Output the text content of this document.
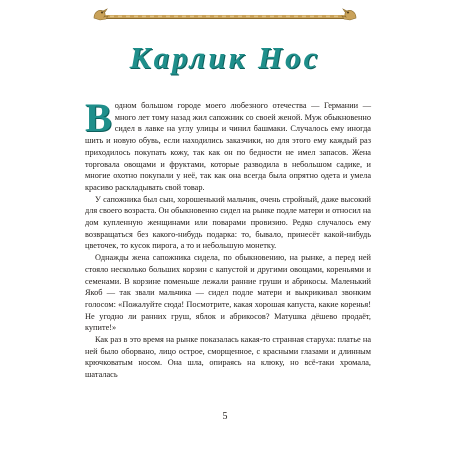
Карлик Нос

Водном большом городе моего любезного отечества — Германии — много лет тому назад жил сапожник со своей женой. Муж обыкновенно сидел в лавке на углу улицы и чинил башмаки. Случалось ему иногда шить и новую обувь, если находились заказчики, но для этого ему каждый раз приходилось покупать кожу, так как он по бедности не имел запасов. Жена торговала овощами и фруктами, которые разводила в небольшом садике, и многие охотно покупали у неё, так как она всегда была опрятно одета и умела красиво раскладывать свой товар.

У сапожника был сын, хорошенький мальчик, очень стройный, даже высокий для своего возраста. Он обыкновенно сидел на рынке подле матери и относил на дом купленную женщинами или поварами провизию. Редко случалось ему возвращаться без какого-нибудь подарка: то, бывало, принесёт какой-нибудь цветочек, то кусок пирога, а то и небольшую монетку.

Однажды жена сапожника сидела, по обыкновению, на рынке, а перед ней стояло несколько больших корзин с капустой и другими овощами, кореньями и семенами. В корзине поменьше лежали ранние груши и абрикосы. Маленький Якоб — так звали мальчика — сидел подле матери и выкрикивал звонким голосом: «Пожалуйте сюда! Посмотрите, какая хорошая капуста, какие коренья! Не угодно ли ранних груш, яблок и абрикосов? Матушка дёшево продаёт, купите!»

Как раз в это время на рынке показалась какая-то странная старуха: платье на ней было оборвано, лицо острое, сморщенное, с красными глазами и длинным крючковатым носом. Она шла, опираясь на клюку, но всё-таки хромала, шаталась

5
